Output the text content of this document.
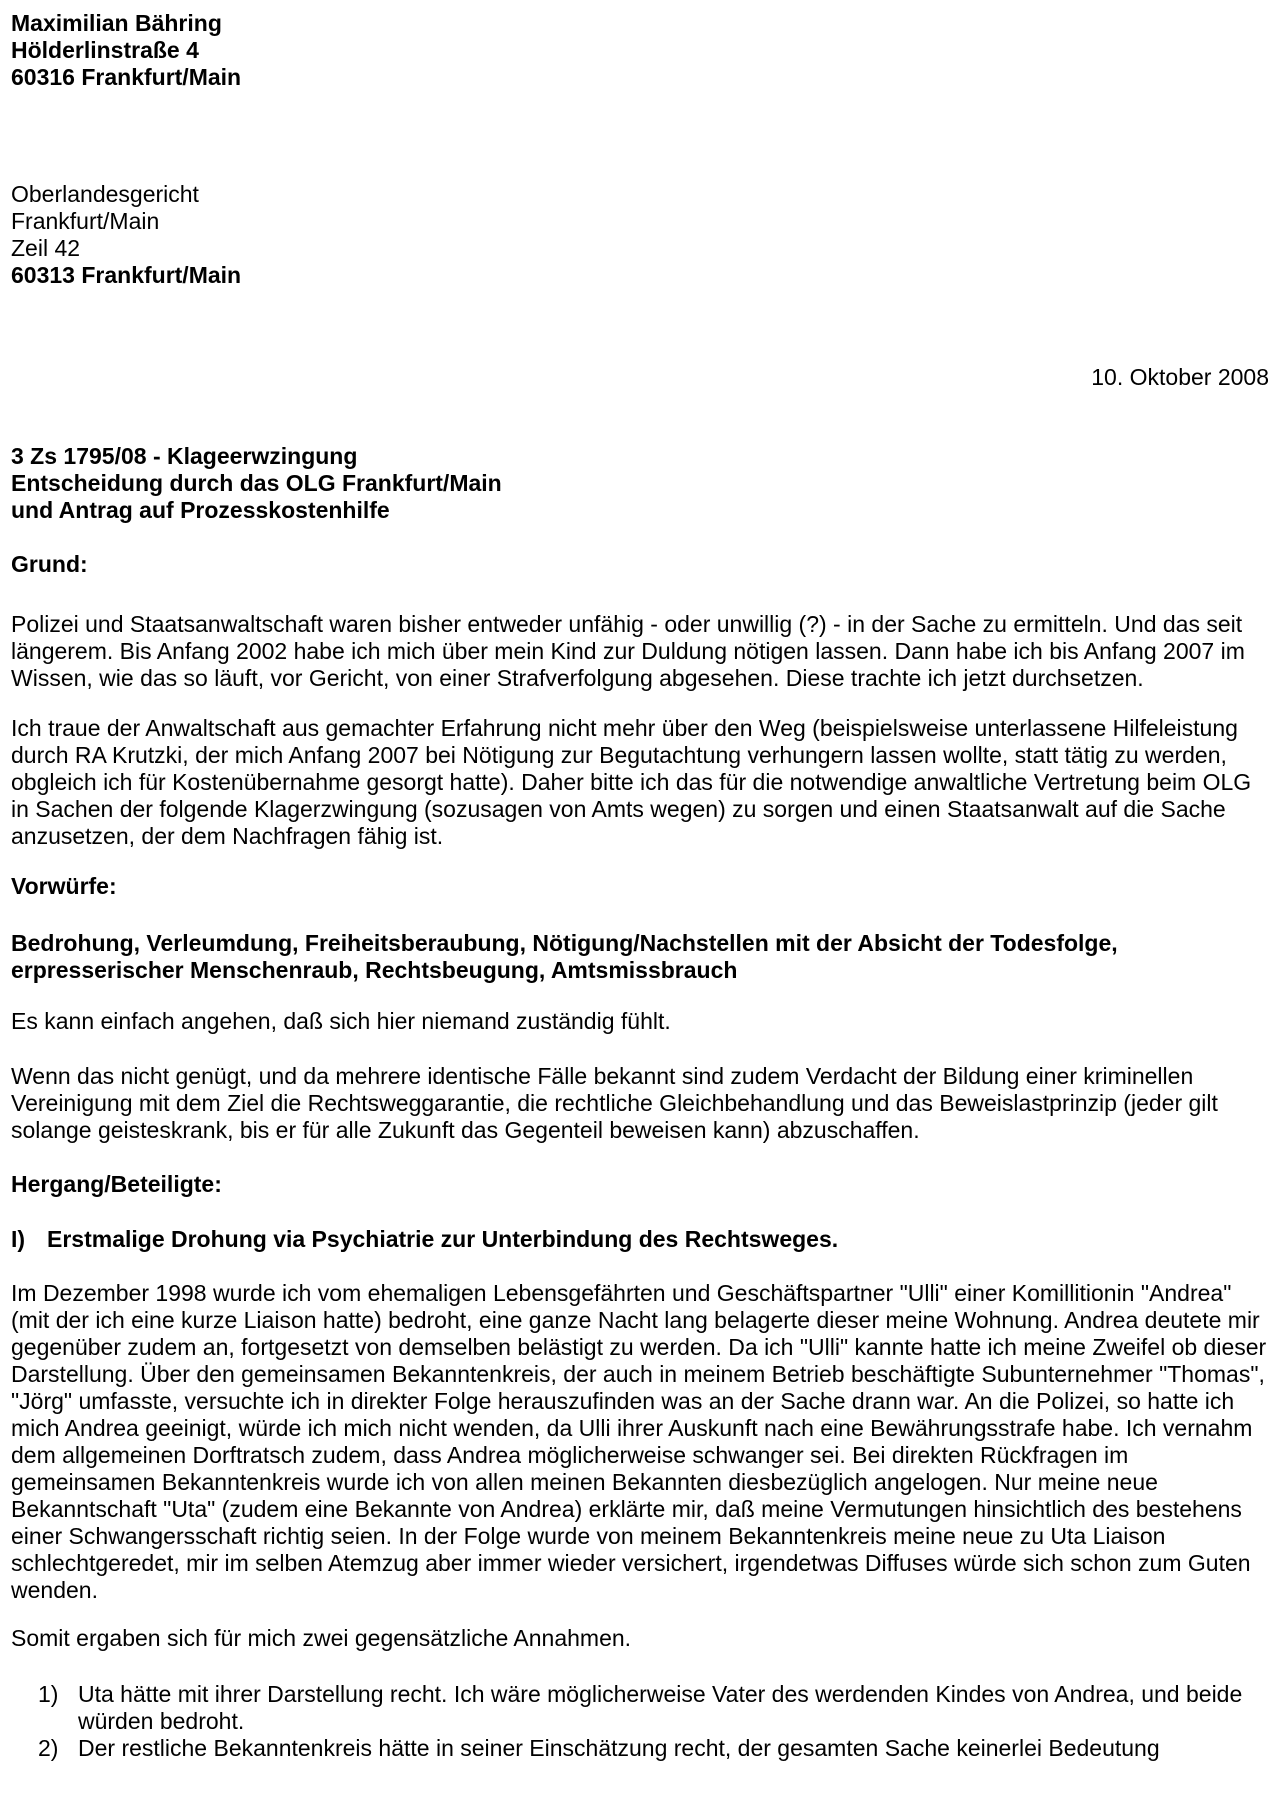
Maximilian Bähring
Hölderlinstraße 4
60316 Frankfurt/Main
Oberlandesgericht
Frankfurt/Main
Zeil 42
60313 Frankfurt/Main
10. Oktober 2008
3 Zs 1795/08 - Klageerwzingung
Entscheidung durch das OLG Frankfurt/Main
und Antrag auf Prozesskostenhilfe
Grund:

Polizei und Staatsanwaltschaft waren bisher entweder unfähig - oder unwillig (?) - in der Sache zu ermitteln. Und das seit längerem. Bis Anfang 2002 habe ich mich über mein Kind zur Duldung nötigen lassen. Dann habe ich bis Anfang 2007 im Wissen, wie das so läuft, vor Gericht, von einer Strafverfolgung abgesehen. Diese trachte ich jetzt durchsetzen.

Ich traue der Anwaltschaft aus gemachter Erfahrung nicht mehr über den Weg (beispielsweise unterlassene Hilfeleistung durch RA Krutzki, der mich Anfang 2007 bei Nötigung zur Begutachtung verhungern lassen wollte, statt tätig zu werden, obgleich ich für Kostenübernahme gesorgt hatte). Daher bitte ich das für die notwendige anwaltliche Vertretung beim OLG in Sachen der folgende Klagerzwingung (sozusagen von Amts wegen) zu sorgen und einen Staatsanwalt auf die Sache anzusetzen, der dem Nachfragen fähig ist.

Vorwürfe:

Bedrohung, Verleumdung, Freiheitsberaubung, Nötigung/Nachstellen mit der Absicht der Todesfolge, erpresserischer Menschenraub, Rechtsbeugung, Amtsmissbrauch

Es kann einfach angehen, daß sich hier niemand zuständig fühlt.

Wenn das nicht genügt, und da mehrere identische Fälle bekannt sind zudem Verdacht der Bildung einer kriminellen Vereinigung mit dem Ziel die Rechtsweggarantie, die rechtliche Gleichbehandlung und das Beweislastprinzip (jeder gilt solange geisteskrank, bis er für alle Zukunft das Gegenteil beweisen kann) abzuschaffen.

Hergang/Beteiligte:
I) Erstmalige Drohung via Psychiatrie zur Unterbindung des Rechtsweges.

Im Dezember 1998 wurde ich vom ehemaligen Lebensgefährten und Geschäftspartner "Ulli" einer Komillitionin "Andrea" (mit der ich eine kurze Liaison hatte) bedroht, eine ganze Nacht lang belagerte dieser meine Wohnung. Andrea deutete mir gegenüber zudem an, fortgesetzt von demselben belästigt zu werden. Da ich "Ulli" kannte hatte ich meine Zweifel ob dieser Darstellung. Über den gemeinsamen Bekanntenkreis, der auch in meinem Betrieb beschäftigte Subunternehmer "Thomas", "Jörg" umfasste, versuchte ich in direkter Folge herauszufinden was an der Sache drann war. An die Polizei, so hatte ich mich Andrea geeinigt, würde ich mich nicht wenden, da Ulli ihrer Auskunft nach eine Bewährungsstrafe habe. Ich vernahm dem allgemeinen Dorftratsch zudem, dass Andrea möglicherweise schwanger sei. Bei direkten Rückfragen im gemeinsamen Bekanntenkreis wurde ich von allen meinen Bekannten diesbezüglich angelogen. Nur meine neue Bekanntschaft "Uta" (zudem eine Bekannte von Andrea) erklärte mir, daß meine Vermutungen hinsichtlich des bestehens einer Schwangersschaft richtig seien. In der Folge wurde von meinem Bekanntenkreis meine neue zu Uta Liaison schlechtgeredet, mir im selben Atemzug aber immer wieder versichert, irgendetwas Diffuses würde sich schon zum Guten wenden.

Somit ergaben sich für mich zwei gegensätzliche Annahmen.

1) Uta hätte mit ihrer Darstellung recht. Ich wäre möglicherweise Vater des werdenden Kindes von Andrea, und beide würden bedroht.
2) Der restliche Bekanntenkreis hätte in seiner Einschätzung recht, der gesamten Sache keinerlei Bedeutung
